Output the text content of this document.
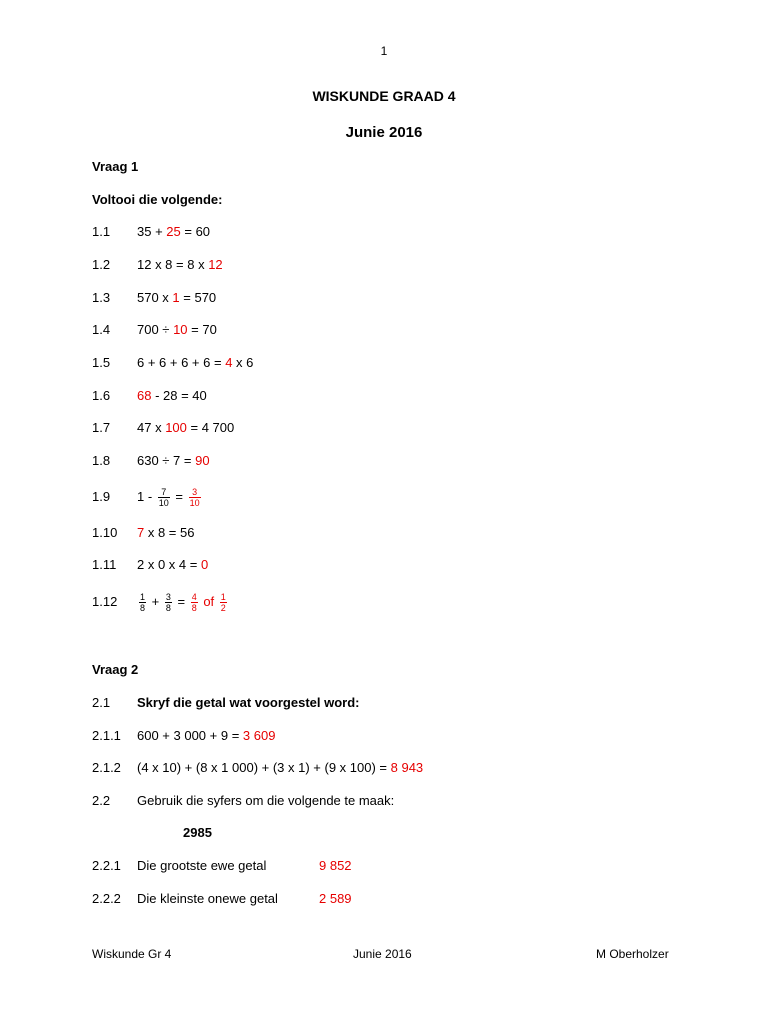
1
WISKUNDE GRAAD 4
Junie 2016
Vraag 1
Voltooi die volgende:
1.1 35 + 25 = 60
1.2 12 x 8 = 8 x 12
1.3 570 x 1 = 570
1.4 700 ÷ 10 = 70
1.5 6 + 6 + 6 + 6 = 4 x 6
1.6 68 - 28 = 40
1.7 47 x 100 = 4 700
1.8 630 ÷ 7 = 90
1.9 $1 - \frac{7}{10} = \frac{3}{10}$
1.10 7 x 8 = 56
1.11 2 x 0 x 4 = 0
$1.12 \frac{1}{8} + \frac{3}{8} = \frac{4}{8}$ of $\frac{1}{2}$
Vraag 2
2.1 Skryf die getal wat voorgestel word:
2.1.1 600 + 3 000 + 9 = 3 609
2.1.2 (4 x 10) + (8 x 1 000) + (3 x 1) + (9 x 100) = 8 943
2.2 Gebruik die syfers om die volgende te maak:
2985
2.2.1 Die grootste ewe getal	9 852
2.2.2 Die kleinste onewe getal	2 589
Wiskunde Gr 4	Junie 2016	M Oberholzer
